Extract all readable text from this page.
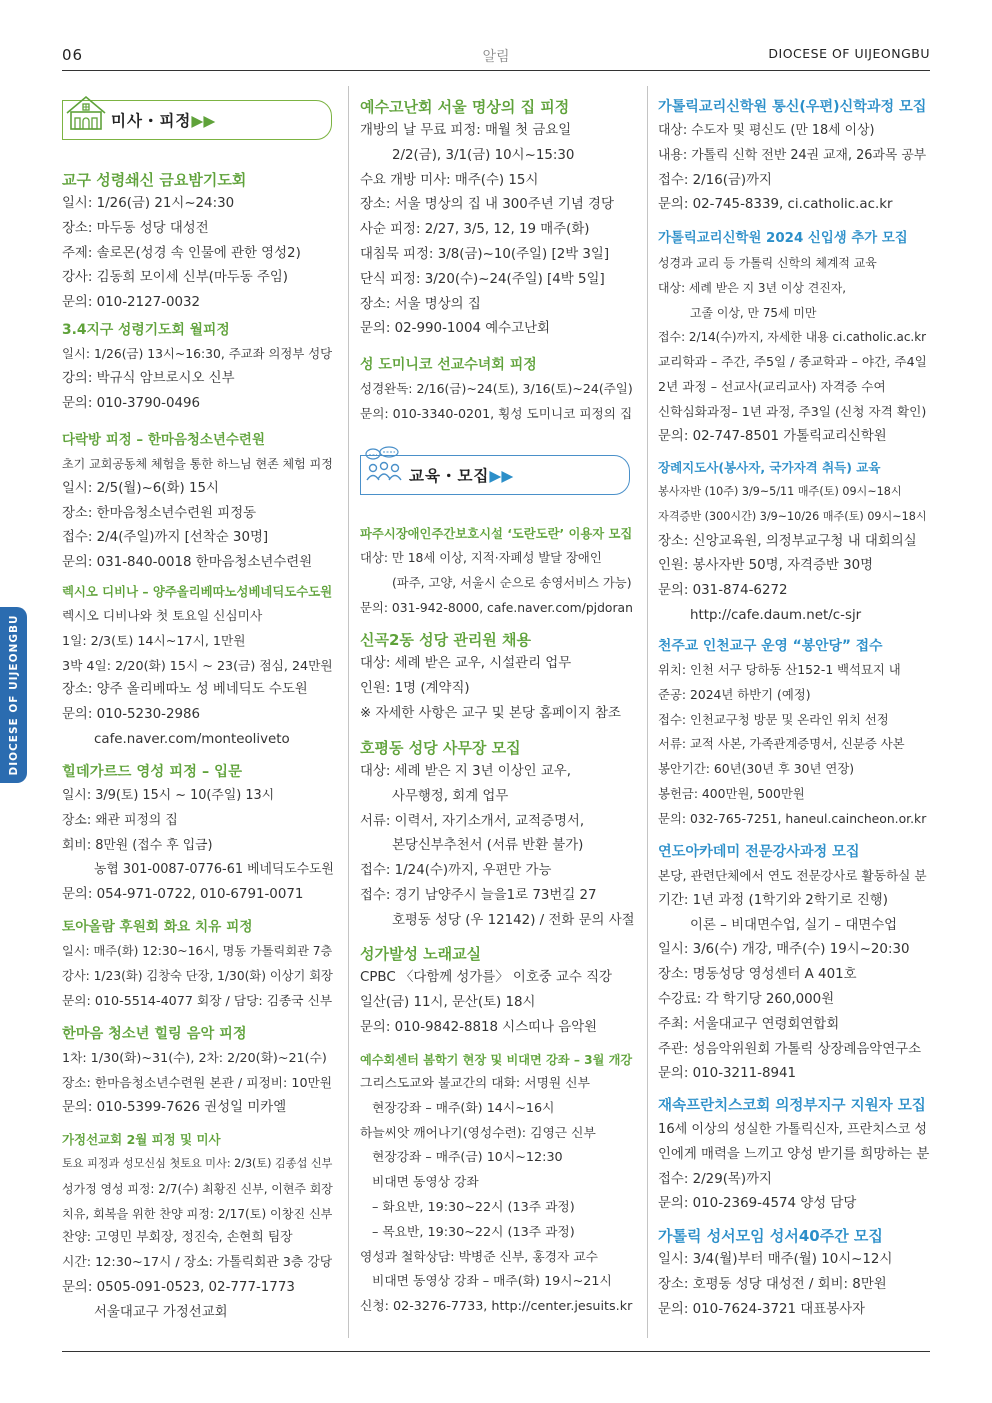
06	알림	DIOCESE OF UIJEONGBU
DIOCESE OF UIJEONGBU
미사・피정▶▶
교구 성령쇄신 금요밤기도회
일시: 1/26(금) 21시~24:30
장소: 마두동 성당 대성전
주제: 솔로몬(성경 속 인물에 관한 영성2)
강사: 김동희 모이세 신부(마두동 주임)
문의: 010-2127-0032
3.4지구 성령기도회 월피정
일시: 1/26(금) 13시~16:30, 주교좌 의정부 성당
강의: 박규식 암브로시오 신부
문의: 010-3790-0496
다락방 피정 – 한마음청소년수련원
초기 교회공동체 체험을 통한 하느님 현존 체험 피정
일시: 2/5(월)~6(화) 15시
장소: 한마음청소년수련원 피정동
접수: 2/4(주일)까지 [선착순 30명]
문의: 031-840-0018 한마음청소년수련원
렉시오 디비나 – 양주올리베따노성베네딕도수도원
렉시오 디비나와 첫 토요일 신심미사
1일: 2/3(토) 14시~17시, 1만원
3박 4일: 2/20(화) 15시 ~ 23(금) 점심, 24만원
장소: 양주 올리베따노 성 베네딕도 수도원
문의: 010-5230-2986
cafe.naver.com/monteoliveto
힐데가르드 영성 피정 – 입문
일시: 3/9(토) 15시 ~ 10(주일) 13시
장소: 왜관 피정의 집
회비: 8만원 (접수 후 입금)
농협 301-0087-0776-61 베네딕도수도원
문의: 054-971-0722, 010-6791-0071
토아올람 후원회 화요 치유 피정
일시: 매주(화) 12:30~16시, 명동 가톨릭회관 7층
강사: 1/23(화) 김창숙 단장, 1/30(화) 이상기 회장
문의: 010-5514-4077 회장 / 담당: 김종국 신부
한마음 청소년 힐링 음악 피정
1차: 1/30(화)~31(수), 2차: 2/20(화)~21(수)
장소: 한마음청소년수련원 본관 / 피정비: 10만원
문의: 010-5399-7626 권성일 미카엘
가정선교회 2월 피정 및 미사
토요 피정과 성모신심 첫토요 미사: 2/3(토) 김종섭 신부
성가정 영성 피정: 2/7(수) 최황진 신부, 이현주 회장
치유, 회복을 위한 찬양 피정: 2/17(토) 이창진 신부
찬양: 고영민 부회장, 정진숙, 손현희 팀장
시간: 12:30~17시 / 장소: 가톨릭회관 3층 강당
문의: 0505-091-0523, 02-777-1773
서울대교구 가정선교회
예수고난회 서울 명상의 집 피정
개방의 날 무료 피정: 매월 첫 금요일
2/2(금), 3/1(금) 10시~15:30
수요 개방 미사: 매주(수) 15시
장소: 서울 명상의 집 내 300주년 기념 경당
사순 피정: 2/27, 3/5, 12, 19 매주(화)
대침묵 피정: 3/8(금)~10(주일) [2박 3일]
단식 피정: 3/20(수)~24(주일) [4박 5일]
장소: 서울 명상의 집
문의: 02-990-1004 예수고난회
성 도미니코 선교수녀회 피정
성경완독: 2/16(금)~24(토), 3/16(토)~24(주일)
문의: 010-3340-0201, 횡성 도미니코 피정의 집
교육・모집▶▶
파주시장애인주간보호시설 ‘도란도란’ 이용자 모집
대상: 만 18세 이상, 지적·자폐성 발달 장애인
(파주, 고양, 서울시 순으로 송영서비스 가능)
문의: 031-942-8000, cafe.naver.com/pjdoran
신곡2동 성당 관리원 채용
대상: 세례 받은 교우, 시설관리 업무
인원: 1명 (계약직)
※ 자세한 사항은 교구 및 본당 홈페이지 참조
호평동 성당 사무장 모집
대상: 세례 받은 지 3년 이상인 교우,
사무행정, 회계 업무
서류: 이력서, 자기소개서, 교적증명서,
본당신부추천서 (서류 반환 불가)
접수: 1/24(수)까지, 우편만 가능
접수: 경기 남양주시 늘을1로 73번길 27
호평동 성당 (우 12142) / 전화 문의 사절
성가발성 노래교실
CPBC 〈다함께 성가를〉 이호중 교수 직강
일산(금) 11시, 문산(토) 18시
문의: 010-9842-8818 시스띠나 음악원
예수회센터 봄학기 현장 및 비대면 강좌 – 3월 개강
그리스도교와 불교간의 대화: 서명원 신부
현장강좌 – 매주(화) 14시~16시
하늘씨앗 깨어나기(영성수련): 김영근 신부
현장강좌 – 매주(금) 10시~12:30
비대면 동영상 강좌
– 화요반, 19:30~22시 (13주 과정)
– 목요반, 19:30~22시 (13주 과정)
영성과 철학상담: 박병준 신부, 홍경자 교수
비대면 동영상 강좌 – 매주(화) 19시~21시
신청: 02-3276-7733, http://center.jesuits.kr
가톨릭교리신학원 통신(우편)신학과정 모집
대상: 수도자 및 평신도 (만 18세 이상)
내용: 가톨릭 신학 전반 24권 교재, 26과목 공부
접수: 2/16(금)까지
문의: 02-745-8339, ci.catholic.ac.kr
가톨릭교리신학원 2024 신입생 추가 모집
성경과 교리 등 가톨릭 신학의 체계적 교육
대상: 세례 받은 지 3년 이상 견진자,
고졸 이상, 만 75세 미만
접수: 2/14(수)까지, 자세한 내용 ci.catholic.ac.kr
교리학과 – 주간, 주5일 / 종교학과 – 야간, 주4일
2년 과정 – 선교사(교리교사) 자격증 수여
신학심화과정– 1년 과정, 주3일 (신청 자격 확인)
문의: 02-747-8501 가톨릭교리신학원
장례지도사(봉사자, 국가자격 취득) 교육
봉사자반 (10주) 3/9~5/11 매주(토) 09시~18시
자격증반 (300시간) 3/9~10/26 매주(토) 09시~18시
장소: 신앙교육원, 의정부교구청 내 대회의실
인원: 봉사자반 50명, 자격증반 30명
문의: 031-874-6272
http://cafe.daum.net/c-sjr
천주교 인천교구 운영 “봉안당” 접수
위치: 인천 서구 당하동 산152-1 백석묘지 내
준공: 2024년 하반기 (예정)
접수: 인천교구청 방문 및 온라인 위치 선정
서류: 교적 사본, 가족관계증명서, 신분증 사본
봉안기간: 60년(30년 후 30년 연장)
봉헌금: 400만원, 500만원
문의: 032-765-7251, haneul.caincheon.or.kr
연도아카데미 전문강사과정 모집
본당, 관련단체에서 연도 전문강사로 활동하실 분
기간: 1년 과정 (1학기와 2학기로 진행)
이론 – 비대면수업, 실기 – 대면수업
일시: 3/6(수) 개강, 매주(수) 19시~20:30
장소: 명동성당 영성센터 A 401호
수강료: 각 학기당 260,000원
주최: 서울대교구 연령회연합회
주관: 성음악위원회 가톨릭 상장례음악연구소
문의: 010-3211-8941
재속프란치스코회 의정부지구 지원자 모집
16세 이상의 성실한 가톨릭신자, 프란치스코 성
인에게 매력을 느끼고 양성 받기를 희망하는 분
접수: 2/29(목)까지
문의: 010-2369-4574 양성 담당
가톨릭 성서모임 성서40주간 모집
일시: 3/4(월)부터 매주(월) 10시~12시
장소: 호평동 성당 대성전 / 회비: 8만원
문의: 010-7624-3721 대표봉사자
